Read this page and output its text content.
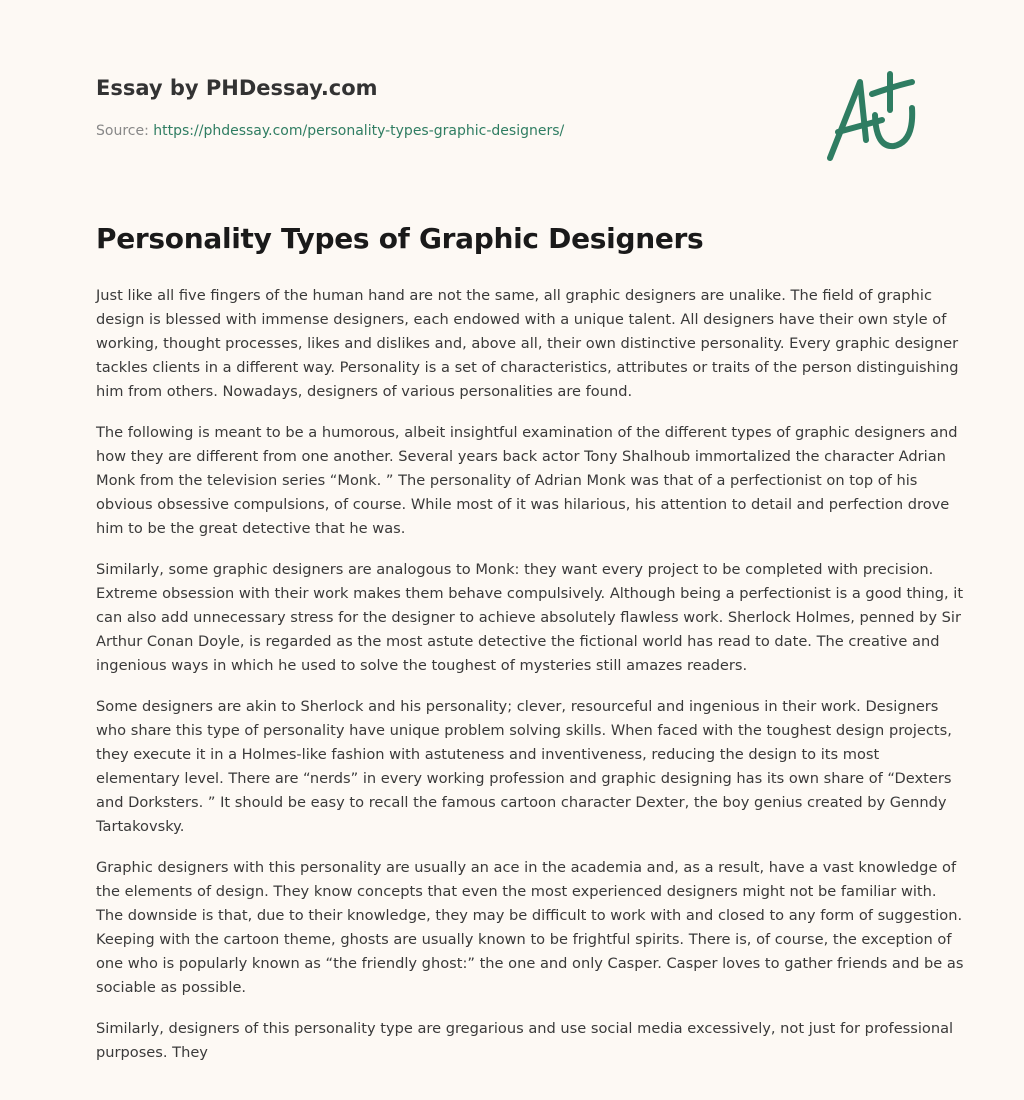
Essay by PHDessay.com
Source: https://phdessay.com/personality-types-graphic-designers/
Personality Types of Graphic Designers

Just like all five fingers of the human hand are not the same, all graphic designers are unalike. The field of graphic design is blessed with immense designers, each endowed with a unique talent. All designers have their own style of working, thought processes, likes and dislikes and, above all, their own distinctive personality. Every graphic designer tackles clients in a different way. Personality is a set of characteristics, attributes or traits of the person distinguishing him from others. Nowadays, designers of various personalities are found.

The following is meant to be a humorous, albeit insightful examination of the different types of graphic designers and how they are different from one another. Several years back actor Tony Shalhoub immortalized the character Adrian Monk from the television series “Monk. ” The personality of Adrian Monk was that of a perfectionist on top of his obvious obsessive compulsions, of course. While most of it was hilarious, his attention to detail and perfection drove him to be the great detective that he was.

Similarly, some graphic designers are analogous to Monk: they want every project to be completed with precision. Extreme obsession with their work makes them behave compulsively. Although being a perfectionist is a good thing, it can also add unnecessary stress for the designer to achieve absolutely flawless work. Sherlock Holmes, penned by Sir Arthur Conan Doyle, is regarded as the most astute detective the fictional world has read to date. The creative and ingenious ways in which he used to solve the toughest of mysteries still amazes readers.

Some designers are akin to Sherlock and his personality; clever, resourceful and ingenious in their work. Designers who share this type of personality have unique problem solving skills. When faced with the toughest design projects, they execute it in a Holmes-like fashion with astuteness and inventiveness, reducing the design to its most elementary level. There are “nerds” in every working profession and graphic designing has its own share of “Dexters and Dorksters. ” It should be easy to recall the famous cartoon character Dexter, the boy genius created by Genndy Tartakovsky.

Graphic designers with this personality are usually an ace in the academia and, as a result, have a vast knowledge of the elements of design. They know concepts that even the most experienced designers might not be familiar with. The downside is that, due to their knowledge, they may be difficult to work with and closed to any form of suggestion. Keeping with the cartoon theme, ghosts are usually known to be frightful spirits. There is, of course, the exception of one who is popularly known as “the friendly ghost:” the one and only Casper. Casper loves to gather friends and be as sociable as possible.

Similarly, designers of this personality type are gregarious and use social media excessively, not just for professional purposes. They
